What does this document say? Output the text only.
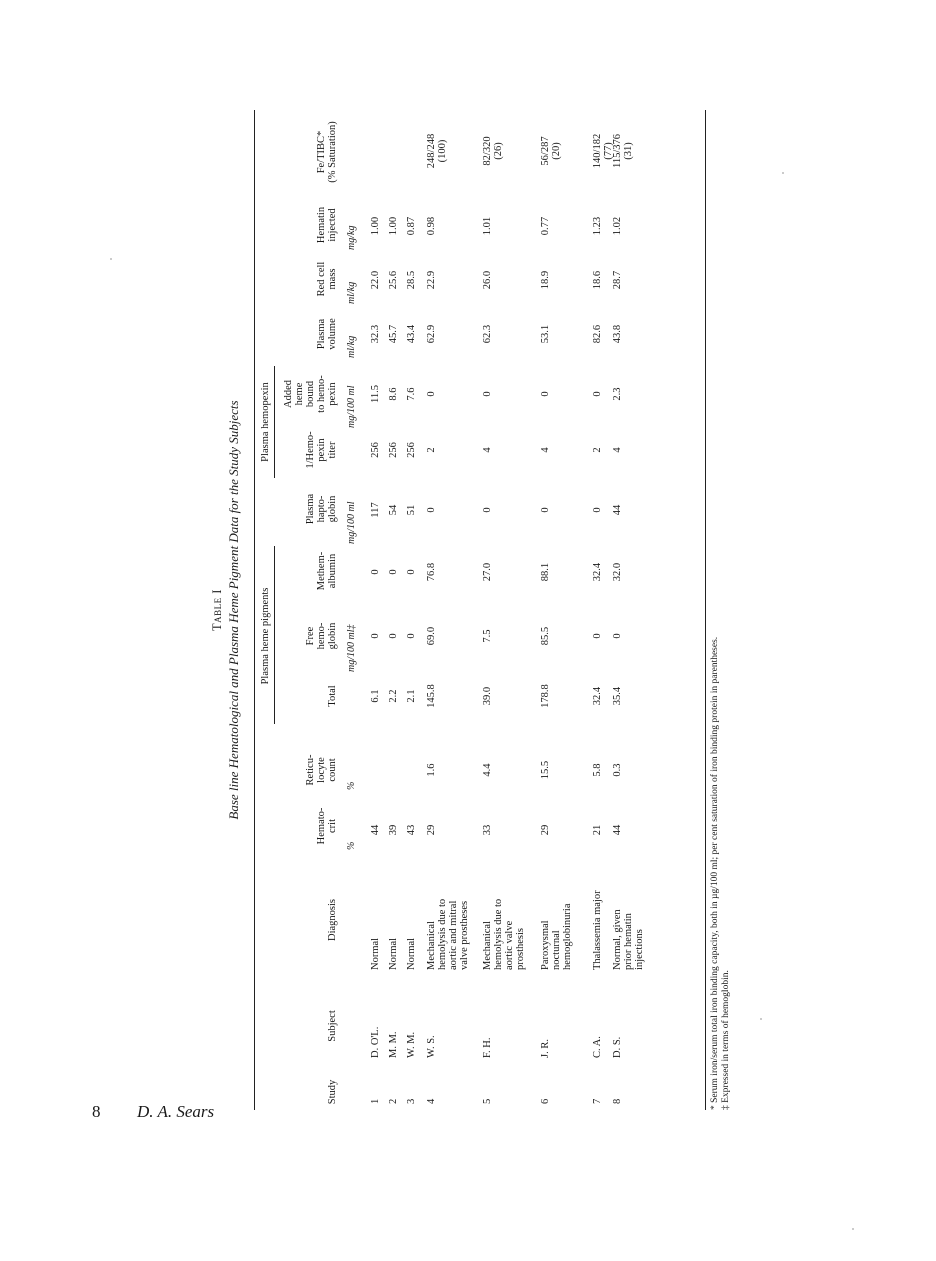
Table I Base line Hematological and Plasma Heme Pigment Data for the Study Subjects Plasma heme pigments
Plasma hemopexin
Study
Subject
Diagnosis
Hemato-
crit
Reticu-
locyte
count
Total
Free
hemo-
globin
Methem-
albumin
Plasma
hapto-
globin
1/Hemo-
pexin
titer
Added
heme
bound
to hemo-
pexin
Plasma
volume
Red cell
mass
Hematin
injected
Fe/TIBC*
(% Saturation)
%
%
mg/100 ml‡
mg/100 ml
mg/100 ml
ml/kg
ml/kg
mg/kg
1
D. O'L.
Normal
44
6.1
0
0
117
256
11.5
32.3
22.0
1.00
2
M. M.
Normal
39
2.2
0
0
54
256
8.6
45.7
25.6
1.00
3
W. M.
Normal
43
2.1
0
0
51
256
7.6
43.4
28.5
0.87
4
W. S.
Mechanical
hemolysis due to
aortic and mitral
valve prostheses
29
1.6
145.8
69.0
76.8
0
2
0
62.9
22.9
0.98
248/248
(100)
5
F. H.
Mechanical
hemolysis due to
aortic valve
prosthesis
33
4.4
39.0
7.5
27.0
0
4
0
62.3
26.0
1.01
82/320
(26)
6
J. R.
Paroxysmal
nocturnal
hemoglobinuria
29
15.5
178.8
85.5
88.1
0
4
0
53.1
18.9
0.77
56/287
(20)
7
C. A.
Thalassemia major
21
5.8
32.4
0
32.4
0
2
0
82.6
18.6
1.23
140/182
(77)
8
D. S.
Normal, given
prior hematin
injections
44
0.3
35.4
0
32.0
44
4
2.3
43.8
28.7
1.02
115/376
(31)
* Serum iron/serum total iron binding capacity, both in µg/100 ml; per cent saturation of iron binding protein in parentheses. ‡ Expressed in terms of hemoglobin.
8 D. A. Sears
